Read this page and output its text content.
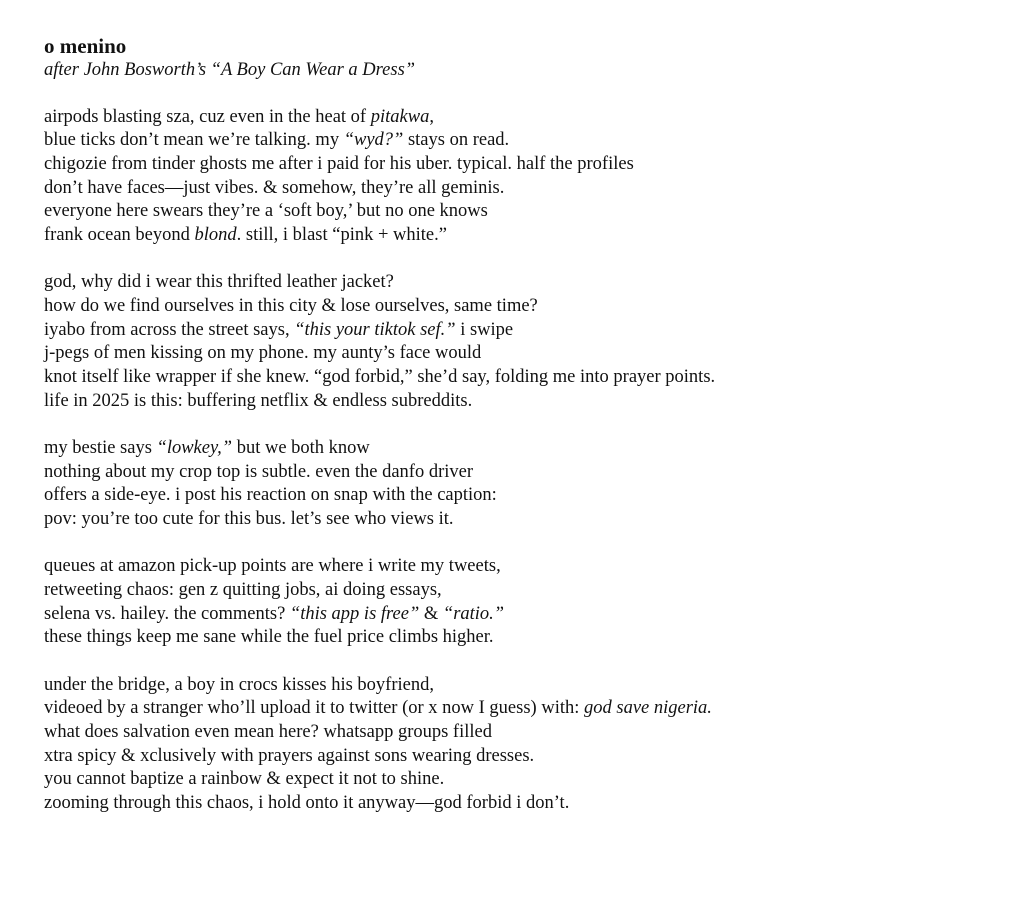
o menino
after John Bosworth’s “A Boy Can Wear a Dress”
airpods blasting sza, cuz even in the heat of pitakwa,
blue ticks don’t mean we’re talking. my “wyd?” stays on read.
chigozie from tinder ghosts me after i paid for his uber. typical. half the profiles
don’t have faces—just vibes. & somehow, they’re all geminis.
everyone here swears they’re a ‘soft boy,’ but no one knows
frank ocean beyond blond. still, i blast “pink + white.”
god, why did i wear this thrifted leather jacket?
how do we find ourselves in this city & lose ourselves, same time?
iyabo from across the street says, “this your tiktok sef.” i swipe
j-pegs of men kissing on my phone. my aunty’s face would
knot itself like wrapper if she knew. “god forbid,” she’d say, folding me into prayer points.
life in 2025 is this: buffering netflix & endless subreddits.
my bestie says “lowkey,” but we both know
nothing about my crop top is subtle. even the danfo driver
offers a side-eye. i post his reaction on snap with the caption:
pov: you’re too cute for this bus. let’s see who views it.
queues at amazon pick-up points are where i write my tweets,
retweeting chaos: gen z quitting jobs, ai doing essays,
selena vs. hailey. the comments? “this app is free” & “ratio.”
these things keep me sane while the fuel price climbs higher.
under the bridge, a boy in crocs kisses his boyfriend,
videoed by a stranger who’ll upload it to twitter (or x now I guess) with: god save nigeria.
what does salvation even mean here? whatsapp groups filled
xtra spicy & xclusively with prayers against sons wearing dresses.
you cannot baptize a rainbow & expect it not to shine.
zooming through this chaos, i hold onto it anyway—god forbid i don’t.
